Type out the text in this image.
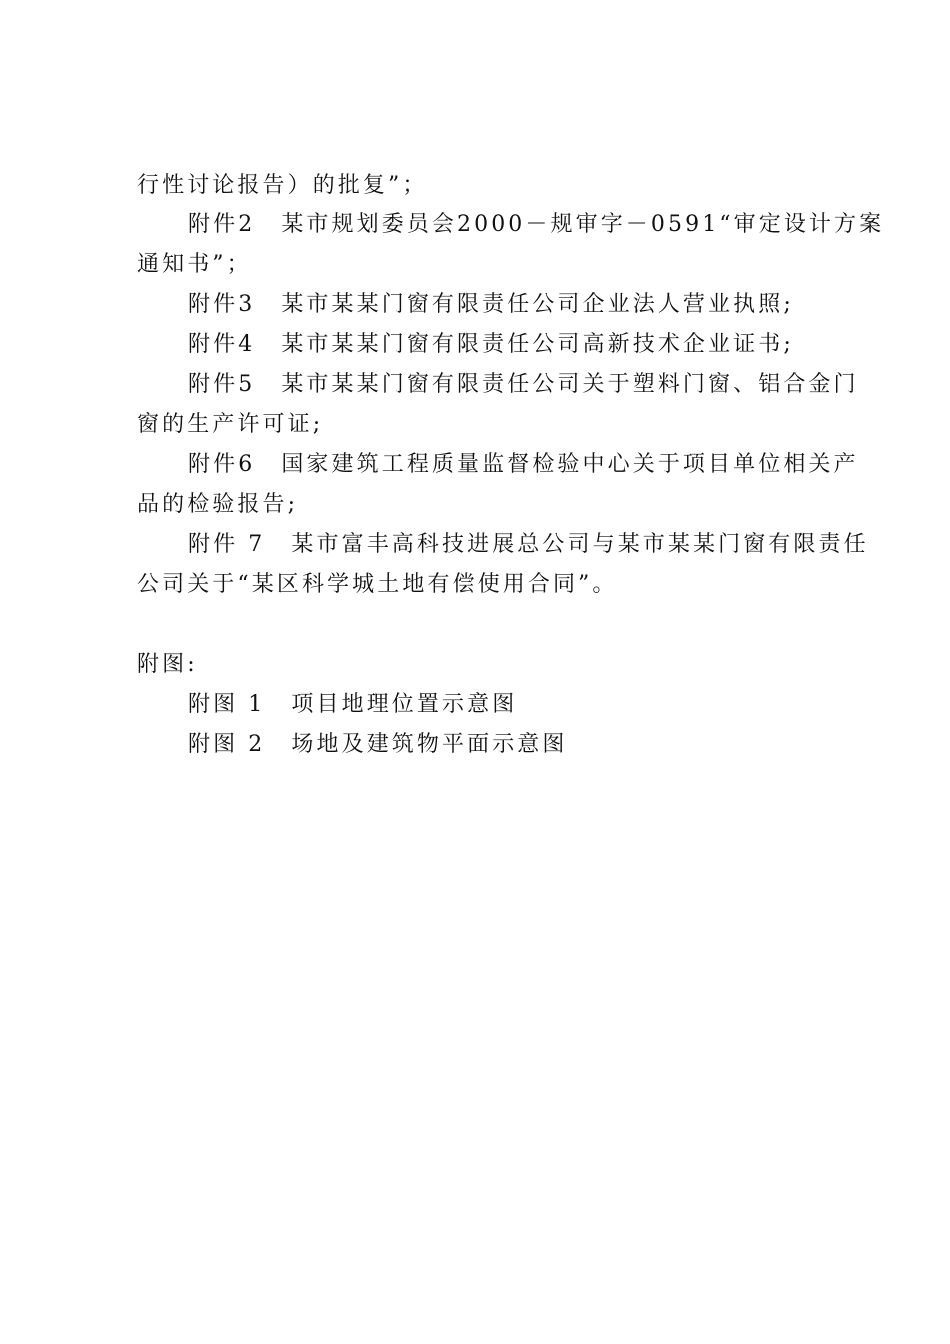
行性讨论报告）的批复”；
附件2 某市规划委员会2000－规审字－0591“审定设计方案
通知书”；
附件3 某市某某门窗有限责任公司企业法人营业执照;
附件4 某市某某门窗有限责任公司高新技术企业证书;
附件5 某市某某门窗有限责任公司关于塑料门窗、铝合金门
窗的生产许可证;
附件6 国家建筑工程质量监督检验中心关于项目单位相关产
品的检验报告;
附件 7 某市富丰高科技进展总公司与某市某某门窗有限责任
公司关于“某区科学城土地有偿使用合同”。
附图:
附图 1 项目地理位置示意图
附图 2 场地及建筑物平面示意图
